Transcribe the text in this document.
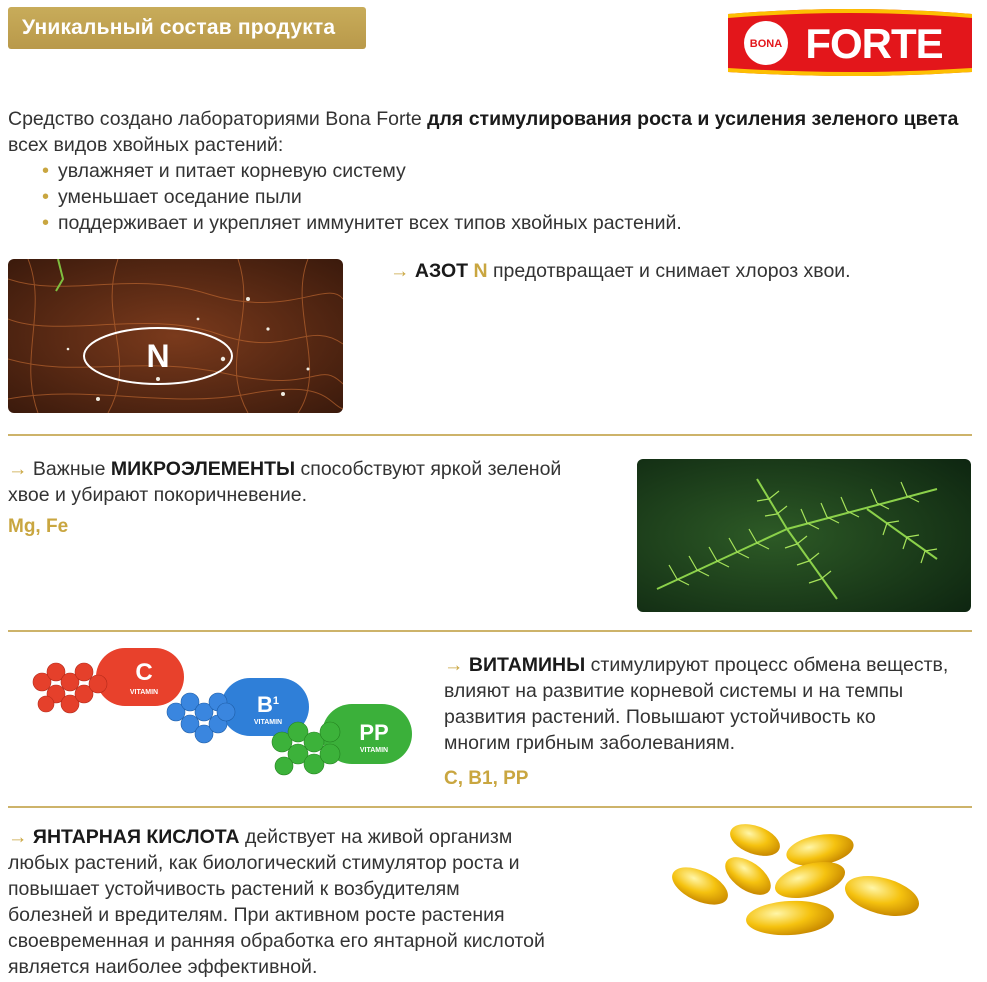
Уникальный состав продукта
BONA FORTE
Средство создано лабораториями Bona Forte для стимулирования роста и усиления зеленого цвета
всех видов хвойных растений:
• увлажняет и питает корневую систему
• уменьшает оседание пыли
• поддерживает и укрепляет иммунитет всех типов хвойных растений.
N
→ АЗОТ N предотвращает и снимает хлороз хвои.
→ Важные МИКРОЭЛЕМЕНТЫ способствуют яркой зеленой
хвое и убирают покоричневение.
Mg, Fe
C
VITAMIN	$B^1$
VITAMIN	PP
VITAMIN
→ ВИТАМИНЫ стимулируют процесс обмена веществ,
влияют на развитие корневой системы и на темпы
развития растений. Повышают устойчивость ко
многим грибным заболеваниям.
C, B1, PP
→ ЯНТАРНАЯ КИСЛОТА действует на живой организм
любых растений, как биологический стимулятор роста и
повышает устойчивость растений к возбудителям
болезней и вредителям. При активном росте растения
своевременная и ранняя обработка его янтарной кислотой
является наиболее эффективной.
